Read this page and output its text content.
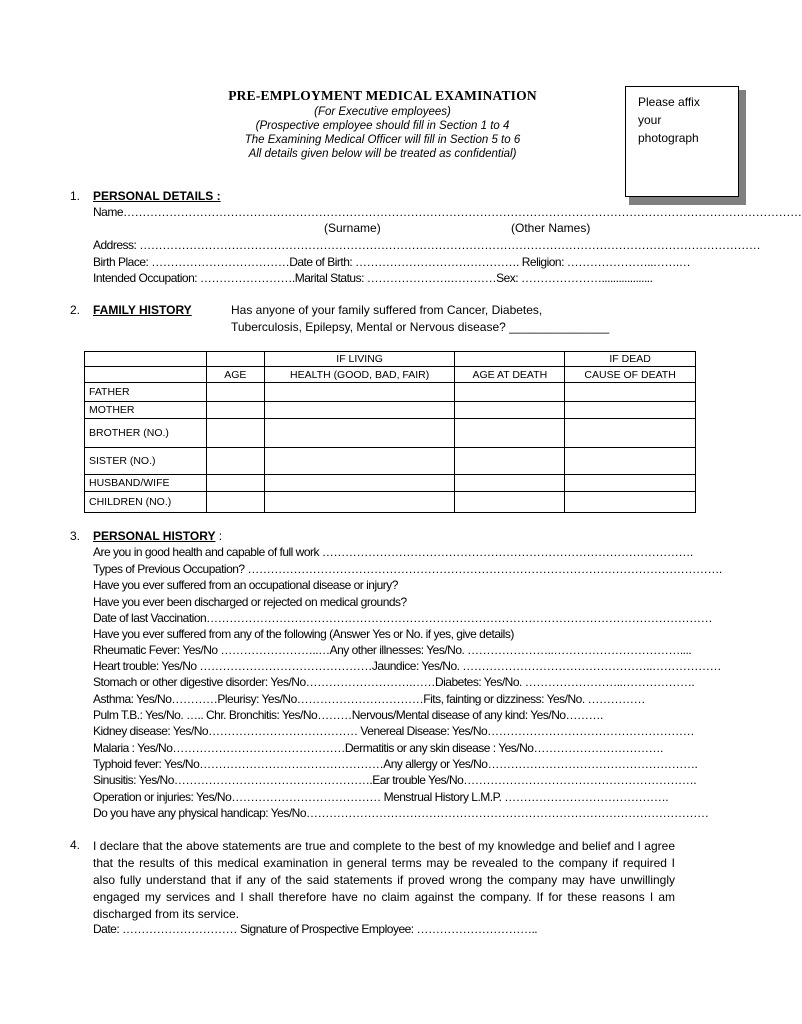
PRE-EMPLOYMENT MEDICAL EXAMINATION
(For Executive employees)
(Prospective employee should fill in Section 1 to 4
The Examining Medical Officer will fill in Section 5 to 6
All details given below will be treated as confidential)
Please affix
your
photograph
1. PERSONAL DETAILS :
Name……………………………………………………………………………………………………………………………………………………………
(Surname)	(Other Names)
Address: ………………………………………………………………………………………………………………………………………………
Birth Place: ………………………………Date of Birth: ……………………………………. Religion: …………………..…….…
Intended Occupation: …………………….Marital Status: ………………….…………Sex: …………………..................
2. FAMILY HISTORY	Has anyone of your family suffered from Cancer, Diabetes,
Tuberculosis, Epilepsy, Mental or Nervous disease? _______________
		IF LIVING		IF DEAD
	AGE	HEALTH (GOOD, BAD, FAIR)	AGE AT DEATH	CAUSE OF DEATH
FATHER				
MOTHER				
BROTHER (NO.)				
SISTER (NO.)				
HUSBAND/WIFE				
CHILDREN (NO.)				
3. PERSONAL HISTORY :
Are you in good health and capable of full work …………………………………………………………………………………….
Types of Previous Occupation? …………………………………………………………………………………………………………….
Have you ever suffered from an occupational disease or injury?
Have you ever been discharged or rejected on medical grounds?
Date of last Vaccination……………………………………………………………………………………………………………………
Have you ever suffered from any of the following (Answer Yes or No. if yes, give details)
Rheumatic Fever: Yes/No ……………………..…Any other illnesses: Yes/No. …………………..……………………………....
Heart trouble: Yes/No ………………………………………Jaundice: Yes/No. …………………………………………..………………
Stomach or other digestive disorder: Yes/No……………………….……Diabetes: Yes/No. ……………………..……………….
Asthma: Yes/No…………Pleurisy: Yes/No……………………………Fits, fainting or dizziness: Yes/No. ……………
Pulm T.B.: Yes/No. ….. Chr. Bronchitis: Yes/No………Nervous/Mental disease of any kind: Yes/No……….
Kidney disease: Yes/No………………………………… Venereal Disease: Yes/No………………………………………………
Malaria : Yes/No………………………………………Dermatitis or any skin disease : Yes/No…………………………….
Typhoid fever: Yes/No…………………………………………Any allergy or Yes/No……………………………………………….
Sinusitis: Yes/No…………………………………………….Ear trouble Yes/No…………………………………………………….
Operation or injuries: Yes/No………………………………… Menstrual History L.M.P. …………………………………….
Do you have any physical handicap: Yes/No……………………………………………………………………………………………
4. I declare that the above statements are true and complete to the best of my knowledge and belief and I agree that the results of this medical examination in general terms may be revealed to the company if required I also fully understand that if any of the said statements if proved wrong the company may have unwillingly engaged my services and I shall therefore have no claim against the company. If for these reasons I am discharged from its service.
Date: ………………………… Signature of Prospective Employee: …………………………..
